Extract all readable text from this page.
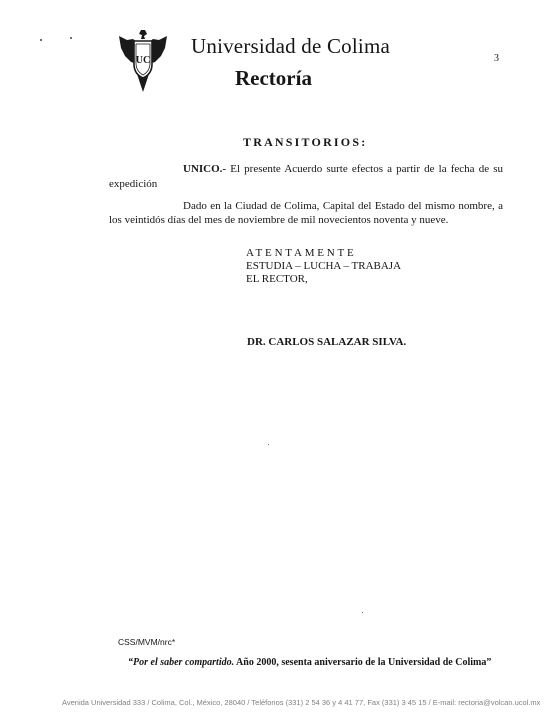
UC
Universidad de Colima
Rectoría
3
TRANSITORIOS:
UNICO.- El presente Acuerdo surte efectos a partir de la fecha de su
expedición
Dado en la Ciudad de Colima, Capital del Estado del mismo nombre, a
los veintidós días del mes de noviembre de mil novecientos noventa y nueve.
ATENTAMENTE
ESTUDIA – LUCHA – TRABAJA
EL RECTOR,
DR. CARLOS SALAZAR SILVA.
CSS/MVM/nrc*
“Por el saber compartido. Año 2000, sesenta aniversario de la Universidad de Colima”
Avenida Universidad 333 / Colima, Col., México, 28040 / Teléfonos (331) 2 54 36 y 4 41 77, Fax (331) 3 45 15 / E-mail: rectoria@volcan.ucol.mx
